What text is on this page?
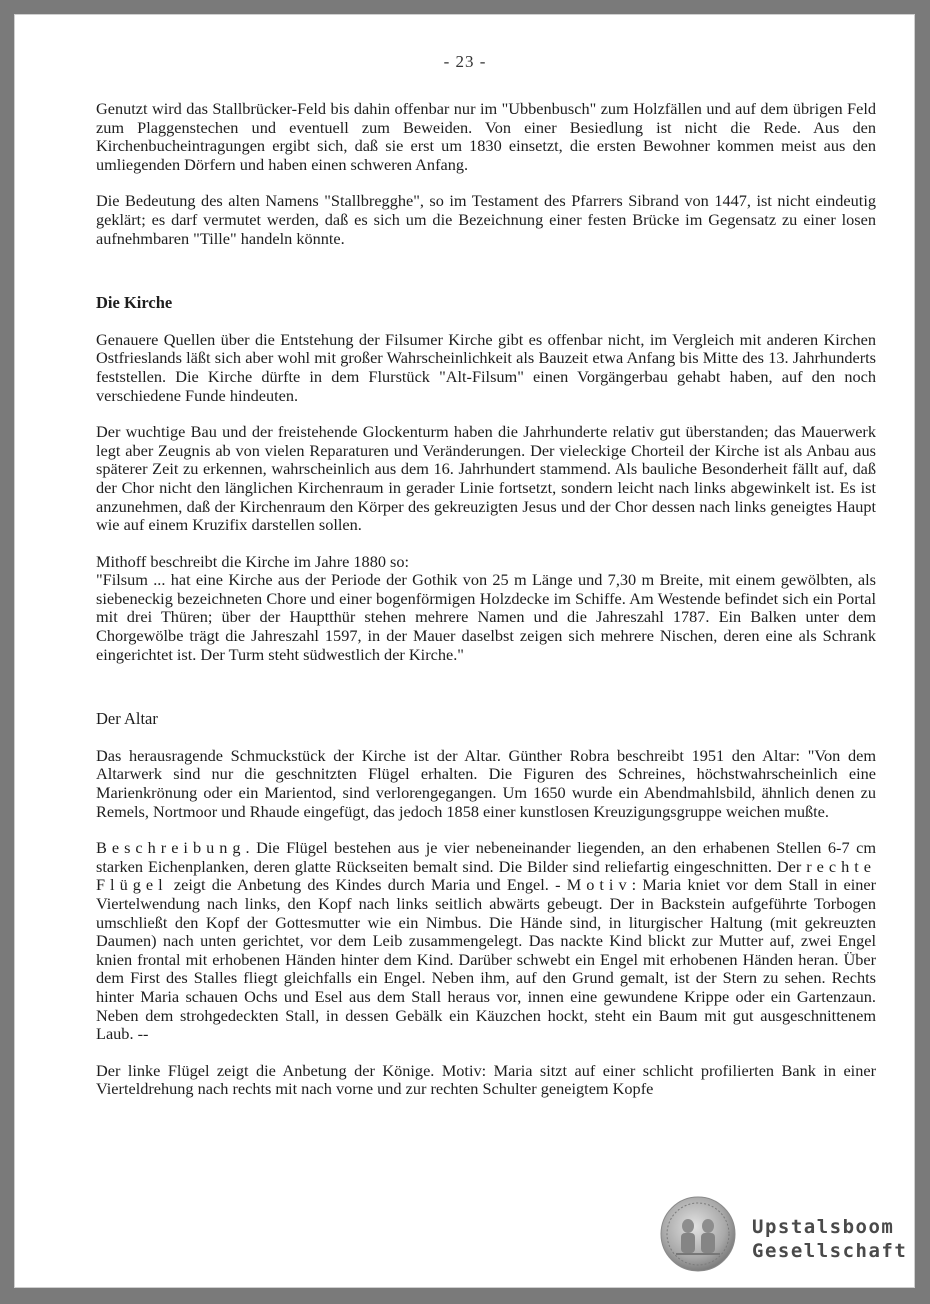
- 23 -

Genutzt wird das Stallbrücker-Feld bis dahin offenbar nur im "Ubbenbusch" zum Holzfällen und auf dem übrigen Feld zum Plaggenstechen und eventuell zum Beweiden. Von einer Besiedlung ist nicht die Rede. Aus den Kirchenbucheintragungen ergibt sich, daß sie erst um 1830 einsetzt, die ersten Bewohner kommen meist aus den umliegenden Dörfern und haben einen schweren Anfang.

Die Bedeutung des alten Namens "Stallbregghe", so im Testament des Pfarrers Sibrand von 1447, ist nicht eindeutig geklärt; es darf vermutet werden, daß es sich um die Bezeichnung einer festen Brücke im Gegensatz zu einer losen aufnehmbaren "Tille" handeln könnte.

Die Kirche

Genauere Quellen über die Entstehung der Filsumer Kirche gibt es offenbar nicht, im Vergleich mit anderen Kirchen Ostfrieslands läßt sich aber wohl mit großer Wahrscheinlichkeit als Bauzeit etwa Anfang bis Mitte des 13. Jahrhunderts feststellen. Die Kirche dürfte in dem Flurstück "Alt-Filsum" einen Vorgängerbau gehabt haben, auf den noch verschiedene Funde hindeuten.

Der wuchtige Bau und der freistehende Glockenturm haben die Jahrhunderte relativ gut überstanden; das Mauerwerk legt aber Zeugnis ab von vielen Reparaturen und Veränderungen. Der vieleckige Chorteil der Kirche ist als Anbau aus späterer Zeit zu erkennen, wahrscheinlich aus dem 16. Jahrhundert stammend. Als bauliche Besonderheit fällt auf, daß der Chor nicht den länglichen Kirchenraum in gerader Linie fortsetzt, sondern leicht nach links abgewinkelt ist. Es ist anzunehmen, daß der Kirchenraum den Körper des gekreuzigten Jesus und der Chor dessen nach links geneigtes Haupt wie auf einem Kruzifix darstellen sollen.

Mithoff beschreibt die Kirche im Jahre 1880 so:

"Filsum ... hat eine Kirche aus der Periode der Gothik von 25 m Länge und 7,30 m Breite, mit einem gewölbten, als siebeneckig bezeichneten Chore und einer bogenförmigen Holzdecke im Schiffe. Am Westende befindet sich ein Portal mit drei Thüren; über der Hauptthür stehen mehrere Namen und die Jahreszahl 1787. Ein Balken unter dem Chorgewölbe trägt die Jahreszahl 1597, in der Mauer daselbst zeigen sich mehrere Nischen, deren eine als Schrank eingerichtet ist. Der Turm steht südwestlich der Kirche."

Der Altar

Das herausragende Schmuckstück der Kirche ist der Altar. Günther Robra beschreibt 1951 den Altar: "Von dem Altarwerk sind nur die geschnitzten Flügel erhalten. Die Figuren des Schreines, höchstwahrscheinlich eine Marienkrönung oder ein Marientod, sind verlorengegangen. Um 1650 wurde ein Abendmahlsbild, ähnlich denen zu Remels, Nortmoor und Rhaude eingefügt, das jedoch 1858 einer kunstlosen Kreuzigungsgruppe weichen mußte.

Beschreibung. Die Flügel bestehen aus je vier nebeneinander liegenden, an den erhabenen Stellen 6-7 cm starken Eichenplanken, deren glatte Rückseiten bemalt sind. Die Bilder sind reliefartig eingeschnitten. Der rechte Flügel zeigt die Anbetung des Kindes durch Maria und Engel. - Motiv: Maria kniet vor dem Stall in einer Viertelwendung nach links, den Kopf nach links seitlich abwärts gebeugt. Der in Backstein aufgeführte Torbogen umschließt den Kopf der Gottesmutter wie ein Nimbus. Die Hände sind, in liturgischer Haltung (mit gekreuzten Daumen) nach unten gerichtet, vor dem Leib zusammengelegt. Das nackte Kind blickt zur Mutter auf, zwei Engel knien frontal mit erhobenen Händen hinter dem Kind. Darüber schwebt ein Engel mit erhobenen Händen heran. Über dem First des Stalles fliegt gleichfalls ein Engel. Neben ihm, auf den Grund gemalt, ist der Stern zu sehen. Rechts hinter Maria schauen Ochs und Esel aus dem Stall heraus vor, innen eine gewundene Krippe oder ein Gartenzaun. Neben dem strohgedeckten Stall, in dessen Gebälk ein Käuzchen hockt, steht ein Baum mit gut ausgeschnittenem Laub. --

Der linke Flügel zeigt die Anbetung der Könige. Motiv: Maria sitzt auf einer schlicht profilierten Bank in einer Vierteldrehung nach rechts mit nach vorne und zur rechten Schulter geneigtem Kopfe

Upstalsboom
Gesellschaft
